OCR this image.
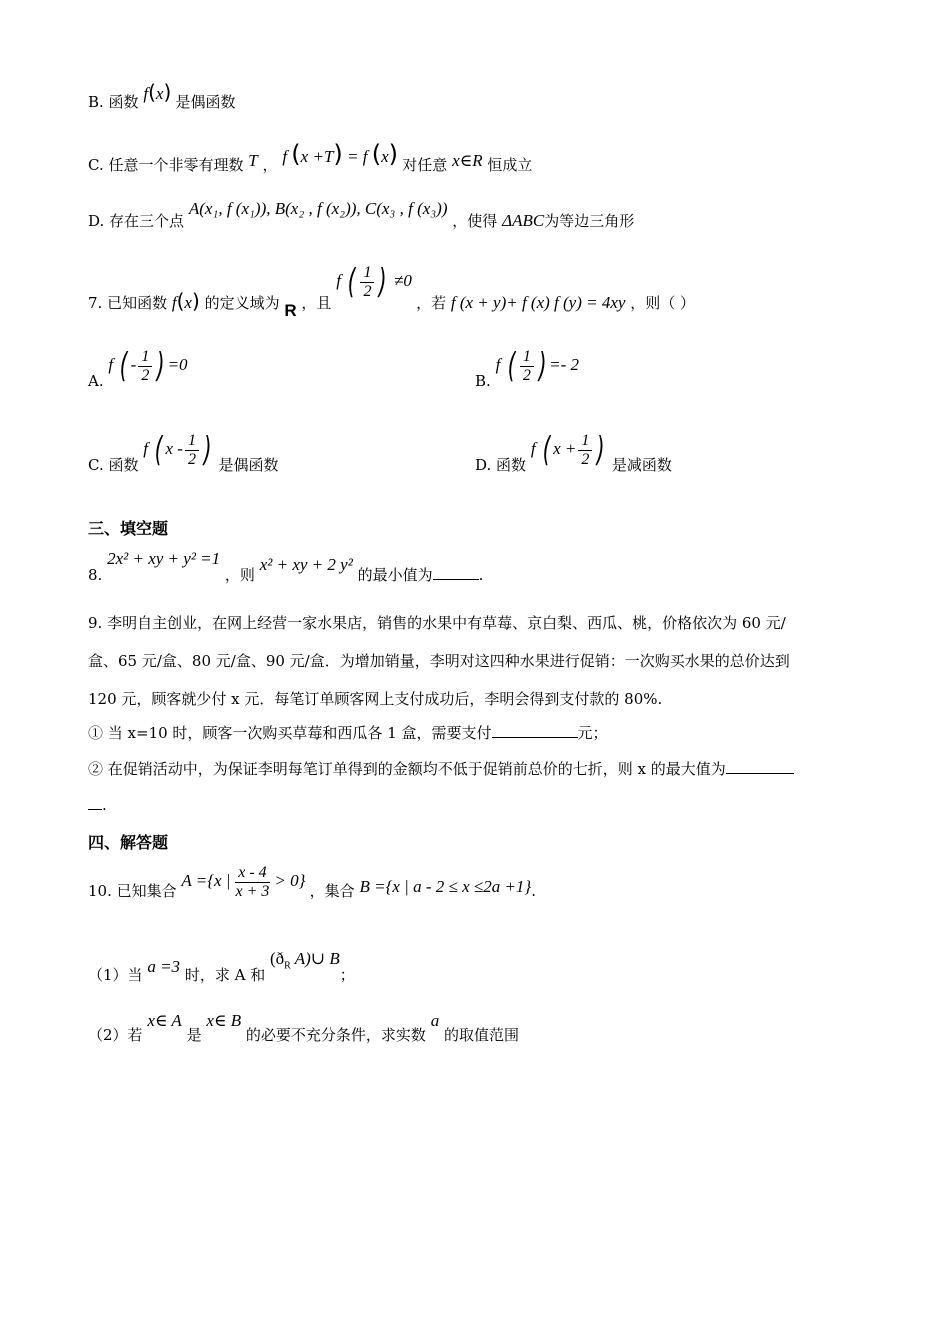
B. 函数 f(x) 是偶函数
C. 任意一个非零有理数 T ， f (x +T) = f (x) 对任意 x∈R 恒成立
D. 存在三个点 A(x₁, f (x₁)), B(x₂ , f (x₂)), C(x₃ , f (x₃)) ，使得 ΔABC为等边三角形
7. 已知函数 f(x) 的定义域为 R ，且 f ( $\frac{1}{2}$ ) ≠0 ，若 f (x + y)+ f (x) f (y) = 4xy ，则（ ）
A. f ( - $\frac{1}{2}$ ) =0
B. f ( $\frac{1}{2}$ ) =- 2
C. 函数 f ( x - $\frac{1}{2}$ ) 是偶函数	D. 函数 f ( $x + \frac{1}{2}$ ) 是减函数
三、填空题
8. 2x² + xy + y² =1 ，则 x² + xy + 2 y² 的最小值为	.
9. 李明自主创业，在网上经营一家水果店，销售的水果中有草莓、京白梨、西瓜、桃，价格依次为 60 元/
盒、65 元/盒、80 元/盒、90 元/盒．为增加销量，李明对这四种水果进行促销：一次购买水果的总价达到
120 元，顾客就少付 x 元．每笔订单顾客网上支付成功后，李明会得到支付款的 80%.
① 当 x=10 时，顾客一次购买草莓和西瓜各 1 盒，需要支付	元；
② 在促销活动中，为保证李明每笔订单得到的金额均不低于促销前总价的七折，则 x 的最大值为
.
四、解答题
10. 已知集合 A ={x | $\frac{x - 4}{x + 3} > 0$} ，集合 B ={x | a - 2 ≤ x ≤2a +1}.
（1）当 a =3 时，求 A 和 ($ð_R$ A)∪ B；
（2）若 x∈ A 是 x∈ B 的必要不充分条件，求实数 a 的取值范围
